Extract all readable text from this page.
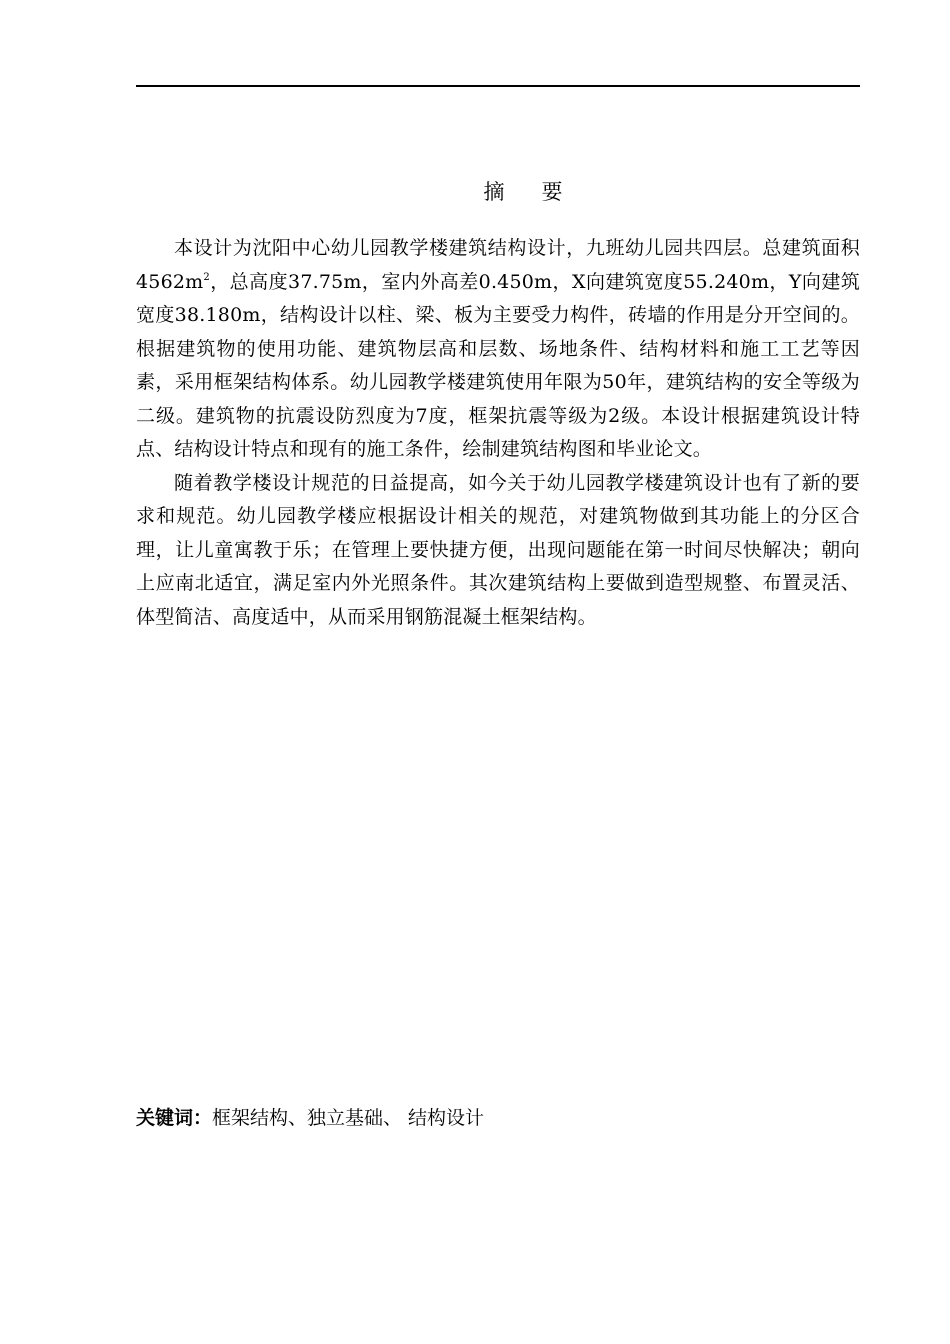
摘　要

本设计为沈阳中心幼儿园教学楼建筑结构设计，九班幼儿园共四层。总建筑面积$4562m^2$，总高度37.75m，室内外高差0.450m，X向建筑宽度55.240m，Y向建筑宽度38.180m，结构设计以柱、梁、板为主要受力构件，砖墙的作用是分开空间的。根据建筑物的使用功能、建筑物层高和层数、场地条件、结构材料和施工工艺等因素，采用框架结构体系。幼儿园教学楼建筑使用年限为50年，建筑结构的安全等级为二级。建筑物的抗震设防烈度为7度，框架抗震等级为2级。本设计根据建筑设计特点、结构设计特点和现有的施工条件，绘制建筑结构图和毕业论文。

随着教学楼设计规范的日益提高，如今关于幼儿园教学楼建筑设计也有了新的要求和规范。幼儿园教学楼应根据设计相关的规范，对建筑物做到其功能上的分区合理，让儿童寓教于乐；在管理上要快捷方便，出现问题能在第一时间尽快解决；朝向上应南北适宜，满足室内外光照条件。其次建筑结构上要做到造型规整、布置灵活、体型简洁、高度适中，从而采用钢筋混凝土框架结构。

关键词：框架结构、独立基础、 结构设计
